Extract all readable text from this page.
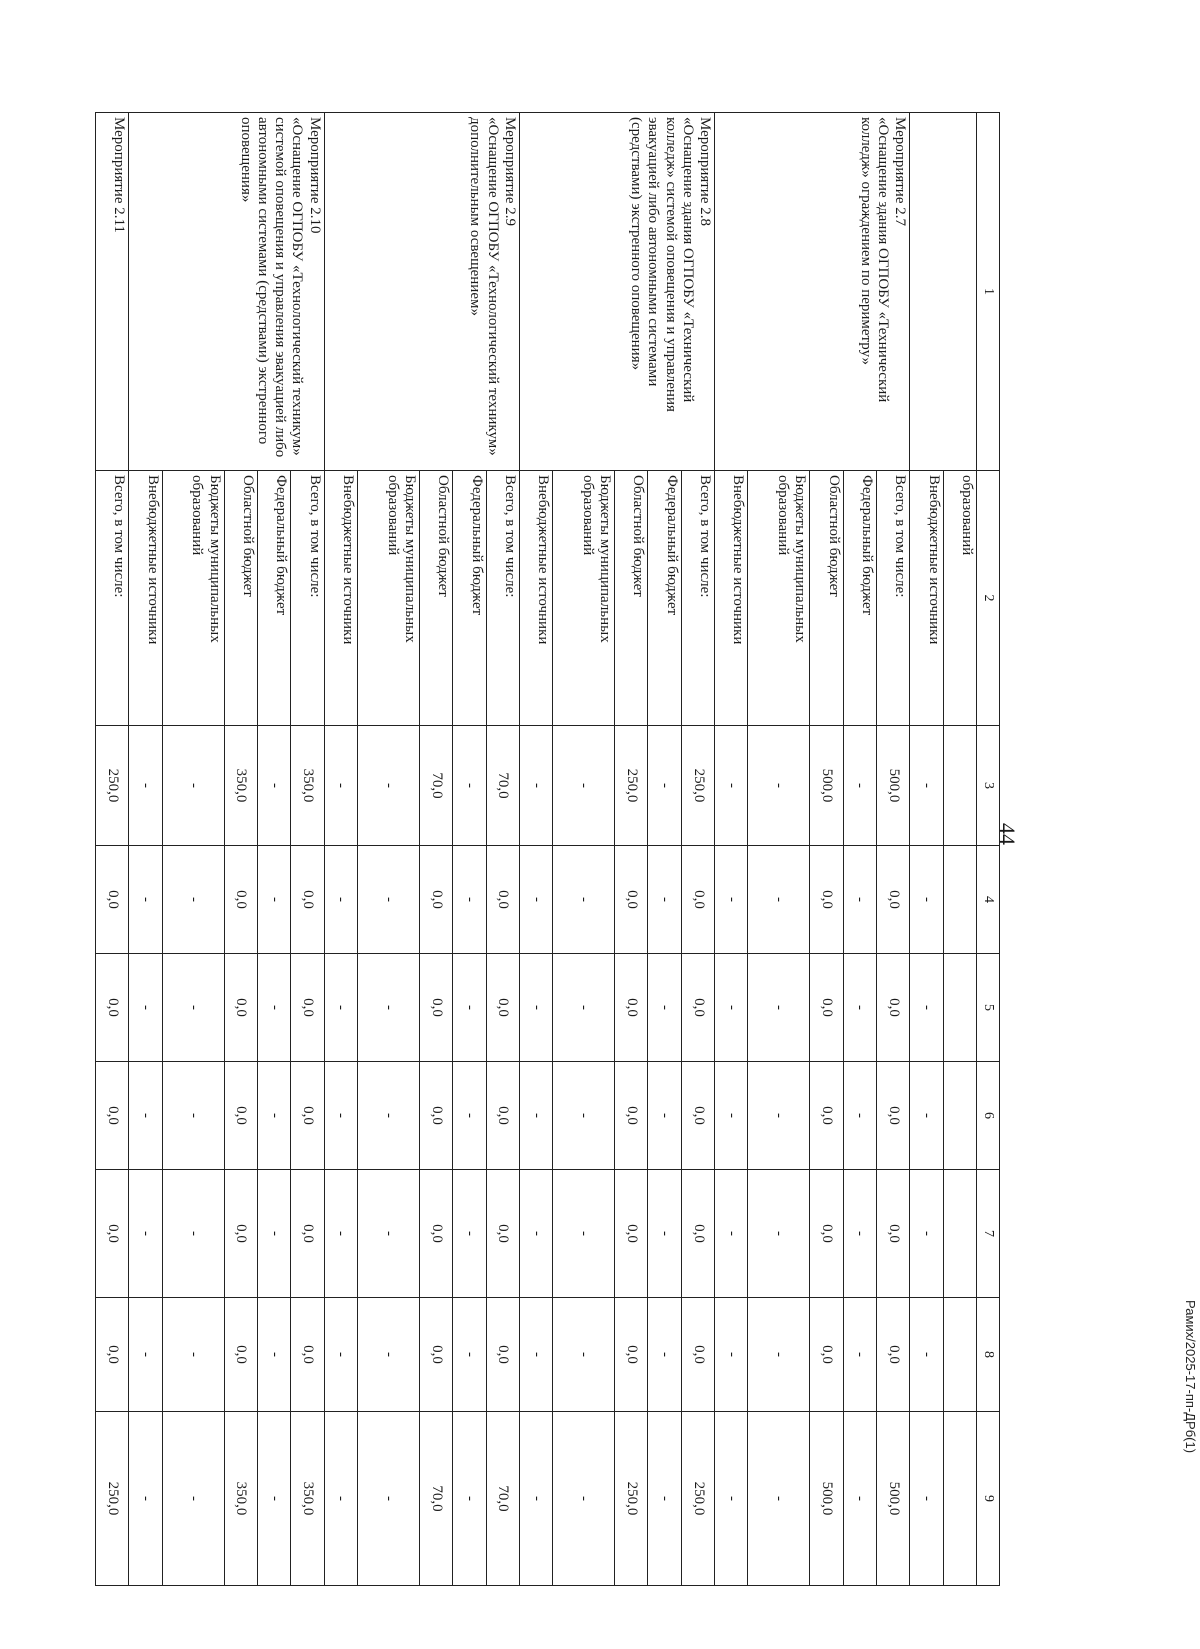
44
Рамих/2025-17-пп-ДРб(1)
1	2	3	4	5	6	7	8	9
	образований							
	Внебюджетные источники	-	-	-	-	-	-	-
Мероприятие 2.7
«Оснащение здания ОГПОБУ «Технический колледж» ограждением по периметру»	Всего, в том числе:	500,0	0,0	0,0	0,0	0,0	0,0	500,0
	Федеральный бюджет	-	-	-	-	-	-	-
	Областной бюджет	500,0	0,0	0,0	0,0	0,0	0,0	500,0
	Бюджеты муниципальных образований	-	-	-	-	-	-	-
	Внебюджетные источники	-	-	-	-	-	-	-
Мероприятие 2.8
«Оснащение здания ОГПОБУ «Технический колледж» системой оповещения и управления эвакуацией либо автономными системами (средствами) экстренного оповещения»	Всего, в том числе:	250,0	0,0	0,0	0,0	0,0	0,0	250,0
	Федеральный бюджет	-	-	-	-	-	-	-
	Областной бюджет	250,0	0,0	0,0	0,0	0,0	0,0	250,0
	Бюджеты муниципальных образований	-	-	-	-	-	-	-
	Внебюджетные источники	-	-	-	-	-	-	-
Мероприятие 2.9
«Оснащение ОГПОБУ «Технологический техникум» дополнительным освещением»	Всего, в том числе:	70,0	0,0	0,0	0,0	0,0	0,0	70,0
	Федеральный бюджет	-	-	-	-	-	-	-
	Областной бюджет	70,0	0,0	0,0	0,0	0,0	0,0	70,0
	Бюджеты муниципальных образований	-	-	-	-	-	-	-
	Внебюджетные источники	-	-	-	-	-	-	-
Мероприятие 2.10
«Оснащение ОГПОБУ «Технологический техникум» системой оповещения и управления эвакуацией либо автономными системами (средствами) экстренного оповещения»	Всего, в том числе:	350,0	0,0	0,0	0,0	0,0	0,0	350,0
	Федеральный бюджет	-	-	-	-	-	-	-
	Областной бюджет	350,0	0,0	0,0	0,0	0,0	0,0	350,0
	Бюджеты муниципальных образований	-	-	-	-	-	-	-
	Внебюджетные источники	-	-	-	-	-	-	-
Мероприятие 2.11	Всего, в том числе:	250,0	0,0	0,0	0,0	0,0	0,0	250,0
